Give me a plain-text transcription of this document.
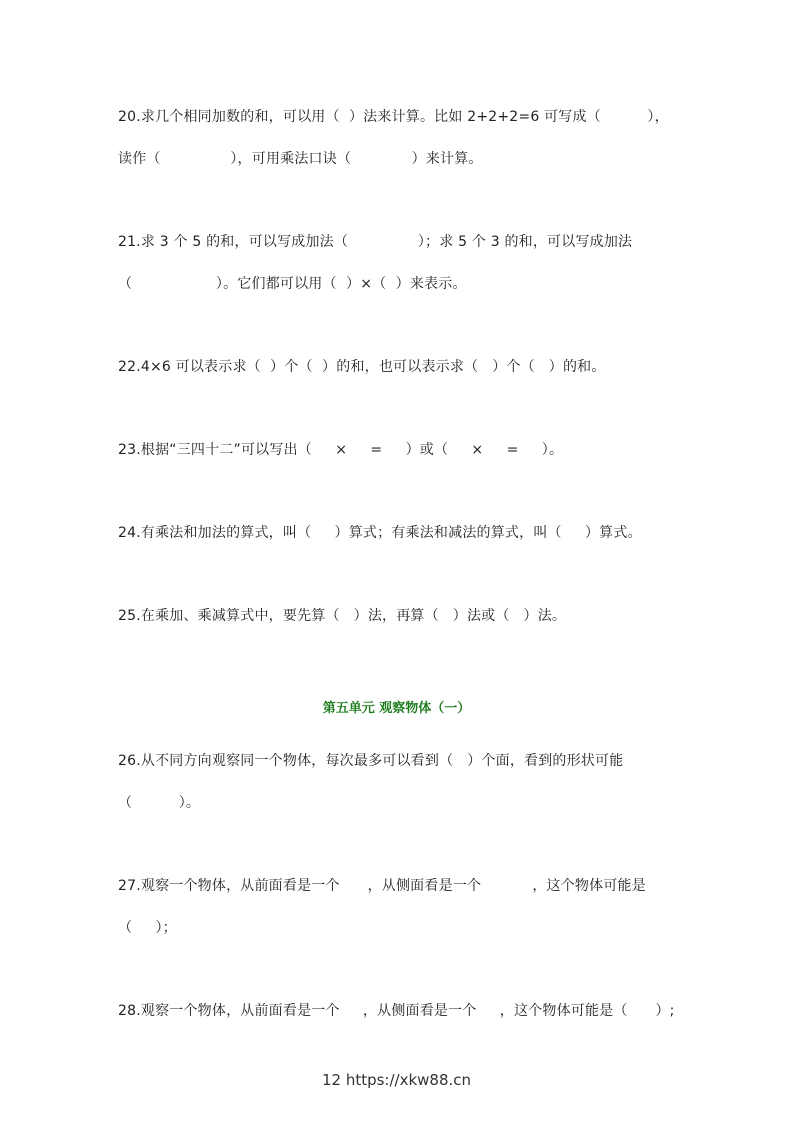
20.求几个相同加数的和，可以用（  ）法来计算。比如 2+2+2=6 可写成（          ），
读作（               ），可用乘法口诀（             ）来计算。
21.求 3 个 5 的和，可以写成加法（               ）；求 5 个 3 的和，可以写成加法
（                  ）。它们都可以用（  ）×（  ）来表示。
22.4×6 可以表示求（  ）个（  ）的和，也可以表示求（   ）个（   ）的和。
23.根据“三四十二”可以写出（     ×     =     ）或（     ×     =     ）。
24.有乘法和加法的算式，叫（     ）算式；有乘法和减法的算式，叫（     ）算式。
25.在乘加、乘减算式中，要先算（   ）法，再算（   ）法或（   ）法。
第五单元 观察物体（一）
26.从不同方向观察同一个物体，每次最多可以看到（   ）个面，看到的形状可能
（          ）。
27.观察一个物体，从前面看是一个      ，从侧面看是一个           ，这个物体可能是
（     ）；
28.观察一个物体，从前面看是一个     ，从侧面看是一个     ，这个物体可能是（      ）;
12 https://xkw88.cn
